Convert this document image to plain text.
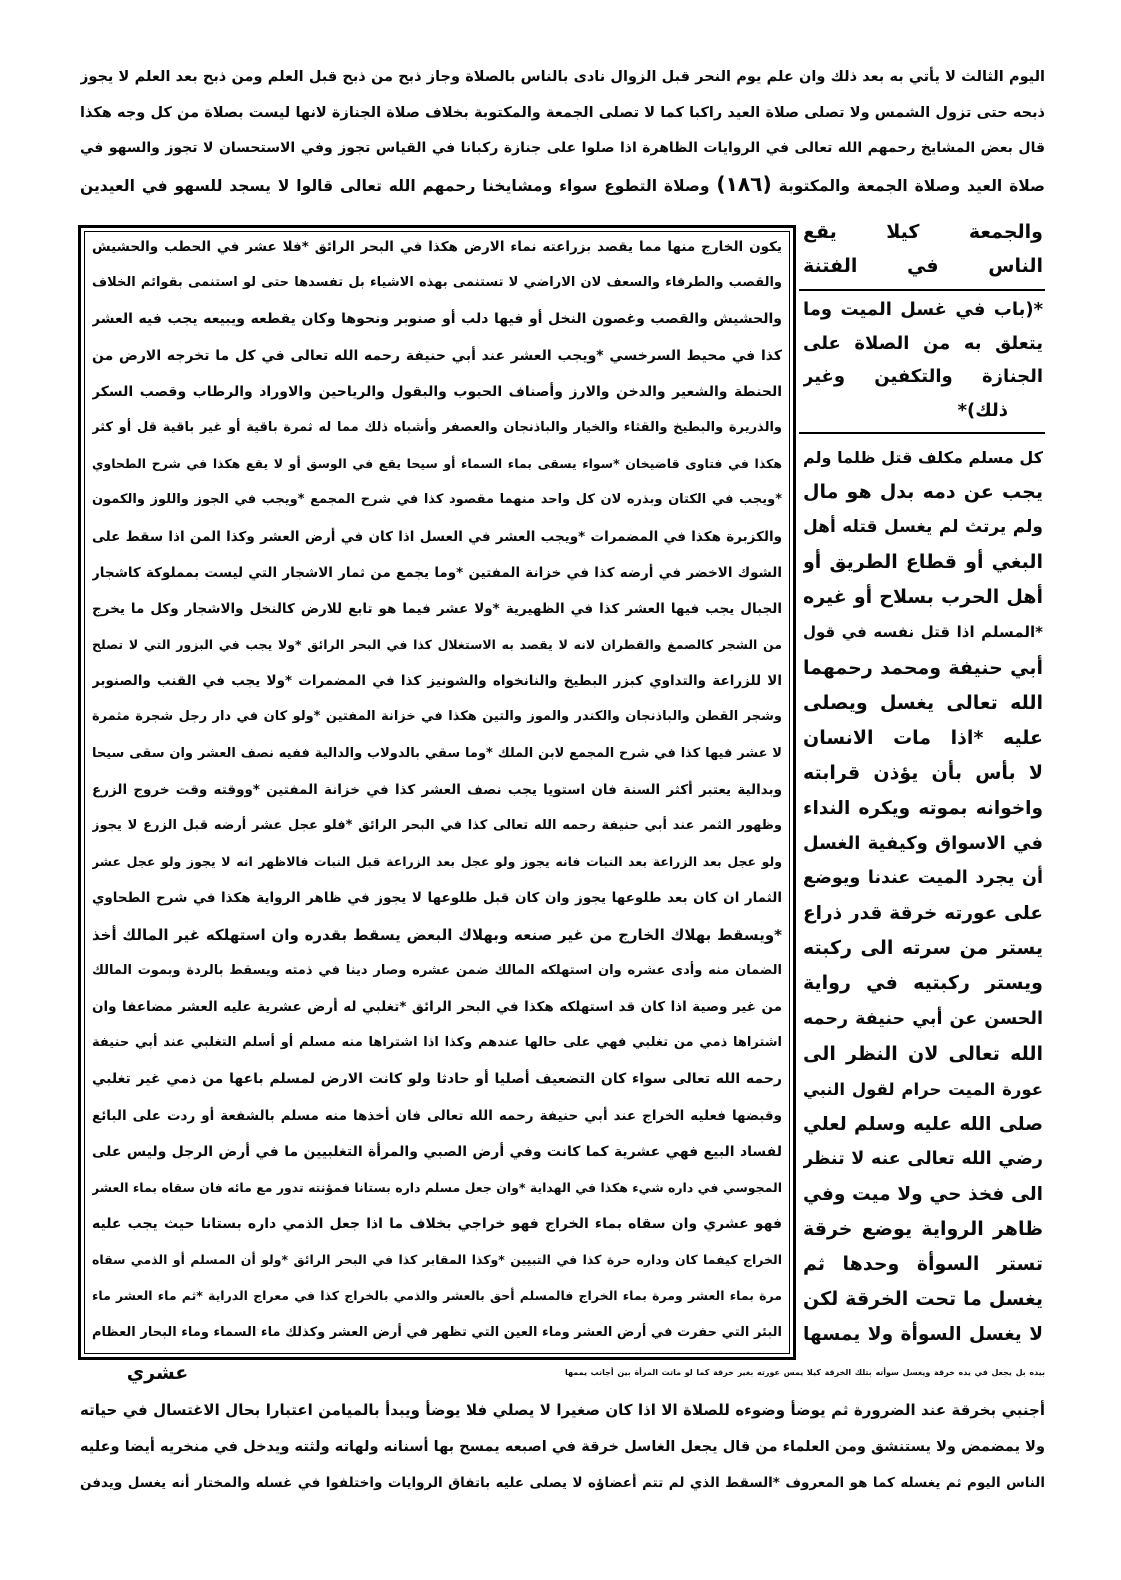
اليوم الثالث لا يأتي به بعد ذلك وان علم يوم النحر قبل الزوال نادى بالناس بالصلاة وجاز ذبح من ذبح قبل العلم ومن ذبح بعد العلم لا يجوز
ذبحه حتى تزول الشمس ولا تصلى صلاة العيد راكبا كما لا تصلى الجمعة والمكتوبة بخلاف صلاة الجنازة لانها ليست بصلاة من كل وجه هكذا
قال بعض المشايخ رحمهم الله تعالى في الروايات الظاهرة اذا صلوا على جنازة ركبانا في القياس تجوز وفي الاستحسان لا تجوز والسهو في
صلاة العيد وصلاة الجمعة والمكتوبة (١٨٦) وصلاة التطوع سواء ومشايخنا رحمهم الله تعالى قالوا لا يسجد للسهو في العيدين
يكون الخارج منها مما يقصد بزراعته نماء الارض هكذا في البحر الرائق *فلا عشر في الحطب والحشيش
والقصب والطرفاء والسعف لان الاراضي لا تستنمى بهذه الاشياء بل تفسدها حتى لو استنمى بقوائم الخلاف
والحشيش والقصب وغصون النخل أو فيها دلب أو صنوبر ونحوها وكان يقطعه ويبيعه يجب فيه العشر
كذا في محيط السرخسي *ويجب العشر عند أبي حنيفة رحمه الله تعالى في كل ما تخرجه الارض من
الحنطة والشعير والدخن والارز وأصناف الحبوب والبقول والرياحين والاوراد والرطاب وقصب السكر
والذريرة والبطيخ والقثاء والخيار والباذنجان والعصفر وأشباه ذلك مما له ثمرة باقية أو غير باقية قل أو كثر
هكذا في فتاوى قاضيخان *سواء يسقى بماء السماء أو سيحا يقع في الوسق أو لا يقع هكذا في شرح الطحاوي
*ويجب في الكتان وبذره لان كل واحد منهما مقصود كذا في شرح المجمع *ويجب في الجوز واللوز والكمون
والكزبرة هكذا في المضمرات *ويجب العشر في العسل اذا كان في أرض العشر وكذا المن اذا سقط على
الشوك الاخضر في أرضه كذا في خزانة المفتين *وما يجمع من ثمار الاشجار التي ليست بمملوكة كاشجار
الجبال يجب فيها العشر كذا في الظهيرية *ولا عشر فيما هو تابع للارض كالنخل والاشجار وكل ما يخرج
من الشجر كالصمغ والقطران لانه لا يقصد به الاستغلال كذا في البحر الرائق *ولا يجب في البزور التي لا تصلح
الا للزراعة والتداوي كبزر البطيخ والنانخواه والشونيز كذا في المضمرات *ولا يجب في القنب والصنوبر
وشجر القطن والباذنجان والكندر والموز والتين هكذا في خزانة المفتين *ولو كان في دار رجل شجرة مثمرة
لا عشر فيها كذا في شرح المجمع لابن الملك *وما سقي بالدولاب والدالية ففيه نصف العشر وان سقى سيحا
وبدالية يعتبر أكثر السنة فان استويا يجب نصف العشر كذا في خزانة المفتين *ووقته وقت خروج الزرع
وظهور الثمر عند أبي حنيفة رحمه الله تعالى كذا في البحر الرائق *فلو عجل عشر أرضه قبل الزرع لا يجوز
ولو عجل بعد الزراعة بعد النبات فانه يجوز ولو عجل بعد الزراعة قبل النبات فالاظهر انه لا يجوز ولو عجل عشر
الثمار ان كان بعد طلوعها يجوز وان كان قبل طلوعها لا يجوز في ظاهر الرواية هكذا في شرح الطحاوي
*ويسقط بهلاك الخارج من غير صنعه وبهلاك البعض يسقط بقدره وان استهلكه غير المالك أخذ
الضمان منه وأدى عشره وان استهلكه المالك ضمن عشره وصار دينا في ذمته ويسقط بالردة وبموت المالك
من غير وصية اذا كان قد استهلكه هكذا في البحر الرائق *تغلبي له أرض عشرية عليه العشر مضاعفا وان
اشتراها ذمي من تغلبي فهي على حالها عندهم وكذا اذا اشتراها منه مسلم أو أسلم التغلبي عند أبي حنيفة
رحمه الله تعالى سواء كان التضعيف أصليا أو حادثا ولو كانت الارض لمسلم باعها من ذمي غير تغلبي
وقبضها فعليه الخراج عند أبي حنيفة رحمه الله تعالى فان أخذها منه مسلم بالشفعة أو ردت على البائع
لفساد البيع فهي عشرية كما كانت وفي أرض الصبي والمرأة التغلبيين ما في أرض الرجل وليس على
المجوسي في داره شيء هكذا في الهداية *وان جعل مسلم داره بستانا فمؤنته تدور مع مائه فان سقاه بماء العشر
فهو عشري وان سقاه بماء الخراج فهو خراجي بخلاف ما اذا جعل الذمي داره بستانا حيث يجب عليه
الخراج كيفما كان وداره حرة كذا في التبيين *وكذا المقابر كذا في البحر الرائق *ولو أن المسلم أو الذمي سقاه
مرة بماء العشر ومرة بماء الخراج فالمسلم أحق بالعشر والذمي بالخراج كذا في معراج الدراية *ثم ماء العشر ماء
البئر التي حفرت في أرض العشر وماء العين التي تظهر في أرض العشر وكذلك ماء السماء وماء البحار العظام
والجمعة كيلا يقع
الناس في الفتنة
*(باب في غسل الميت وما
يتعلق به من الصلاة على
الجنازة والتكفين وغير
ذلك)*
كل مسلم مكلف قتل ظلما ولم
يجب عن دمه بدل هو مال
ولم يرتث لم يغسل قتله أهل
البغي أو قطاع الطريق أو
أهل الحرب بسلاح أو غيره
*المسلم اذا قتل نفسه في قول
أبي حنيفة ومحمد رحمهما
الله تعالى يغسل ويصلى
عليه *اذا مات الانسان
لا بأس بأن يؤذن قرابته
واخوانه بموته ويكره النداء
في الاسواق وكيفية الغسل
أن يجرد الميت عندنا ويوضع
على عورته خرقة قدر ذراع
يستر من سرته الى ركبته
ويستر ركبتيه في رواية
الحسن عن أبي حنيفة رحمه
الله تعالى لان النظر الى
عورة الميت حرام لقول النبي
صلى الله عليه وسلم لعلي
رضي الله تعالى عنه لا تنظر
الى فخذ حي ولا ميت وفي
ظاهر الرواية يوضع خرقة
تستر السوأة وحدها ثم
يغسل ما تحت الخرقة لكن
لا يغسل السوأة ولا يمسها
بيده بل يجعل في يده خرقة ويغسل سوأته بتلك الخرقة كيلا يمس عورته بغير خرقة كما لو ماتت المرأة بين أجانب يممها
عشري
أجنبي بخرقة عند الضرورة ثم يوضأ وضوءه للصلاة الا اذا كان صغيرا لا يصلي فلا يوضأ ويبدأ بالميامن اعتبارا بحال الاغتسال في حياته
ولا يمضمض ولا يستنشق ومن العلماء من قال يجعل الغاسل خرقة في اصبعه يمسح بها أسنانه ولهاته ولثته ويدخل في منخريه أيضا وعليه
الناس اليوم ثم يغسله كما هو المعروف *السقط الذي لم تتم أعضاؤه لا يصلى عليه باتفاق الروايات واختلفوا في غسله والمختار أنه يغسل ويدفن
